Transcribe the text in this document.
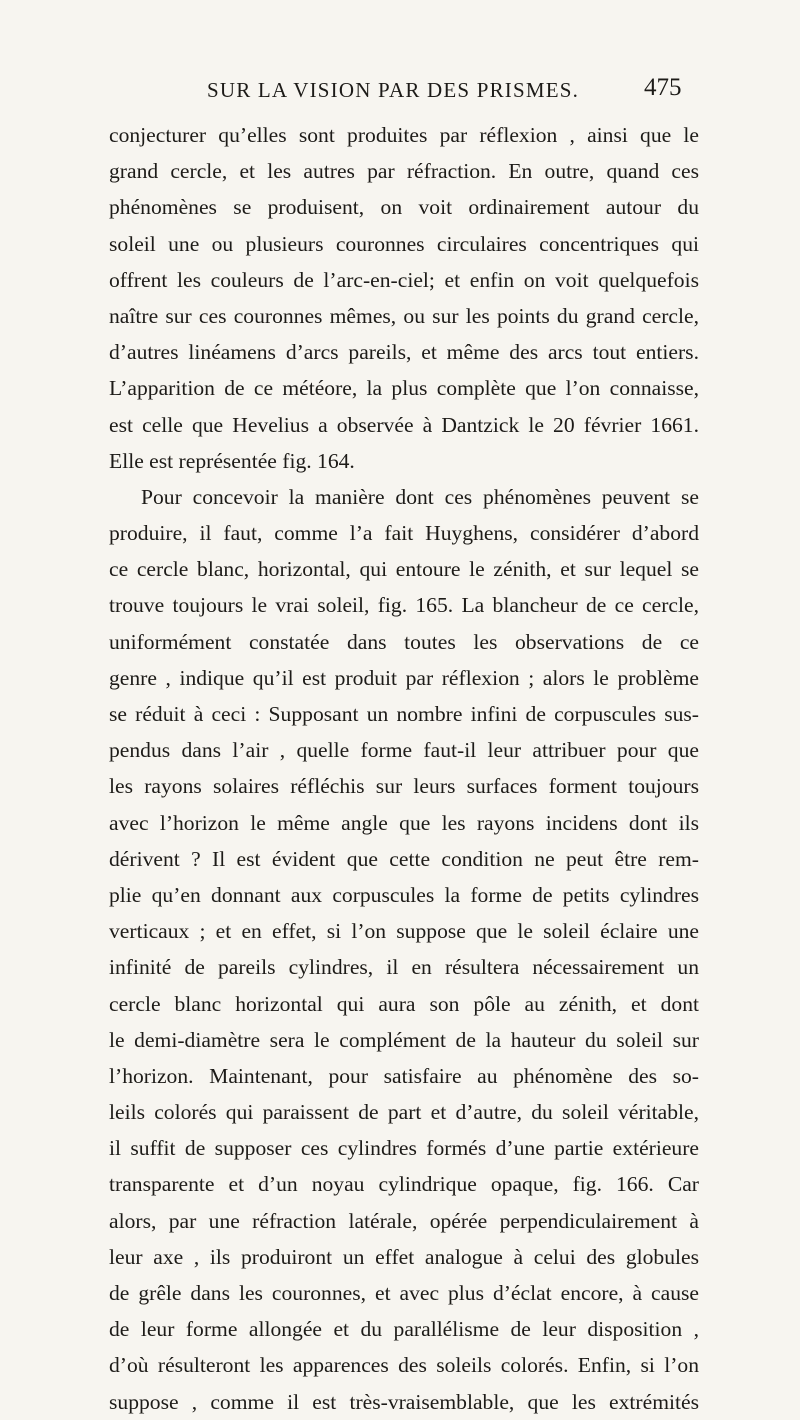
SUR LA VISION PAR DES PRISMES.	475
conjecturer qu’elles sont produites par réflexion , ainsi que le
grand cercle, et les autres par réfraction. En outre, quand ces
phénomènes se produisent, on voit ordinairement autour du
soleil une ou plusieurs couronnes circulaires concentriques qui
offrent les couleurs de l’arc-en-ciel; et enfin on voit quelquefois
naître sur ces couronnes mêmes, ou sur les points du grand cercle,
d’autres linéamens d’arcs pareils, et même des arcs tout entiers.
L’apparition de ce météore, la plus complète que l’on connaisse,
est celle que Hevelius a observée à Dantzick le 20 février 1661.
Elle est représentée fig. 164.
Pour concevoir la manière dont ces phénomènes peuvent se
produire, il faut, comme l’a fait Huyghens, considérer d’abord
ce cercle blanc, horizontal, qui entoure le zénith, et sur lequel se
trouve toujours le vrai soleil, fig. 165. La blancheur de ce cercle,
uniformément constatée dans toutes les observations de ce
genre , indique qu’il est produit par réflexion ; alors le problème
se réduit à ceci : Supposant un nombre infini de corpuscules sus-
pendus dans l’air , quelle forme faut-il leur attribuer pour que
les rayons solaires réfléchis sur leurs surfaces forment toujours
avec l’horizon le même angle que les rayons incidens dont ils
dérivent ? Il est évident que cette condition ne peut être rem-
plie qu’en donnant aux corpuscules la forme de petits cylindres
verticaux ; et en effet, si l’on suppose que le soleil éclaire une
infinité de pareils cylindres, il en résultera nécessairement un
cercle blanc horizontal qui aura son pôle au zénith, et dont
le demi-diamètre sera le complément de la hauteur du soleil sur
l’horizon. Maintenant, pour satisfaire au phénomène des so-
leils colorés qui paraissent de part et d’autre, du soleil véritable,
il suffit de supposer ces cylindres formés d’une partie extérieure
transparente et d’un noyau cylindrique opaque, fig. 166. Car
alors, par une réfraction latérale, opérée perpendiculairement à
leur axe , ils produiront un effet analogue à celui des globules
de grêle dans les couronnes, et avec plus d’éclat encore, à cause
de leur forme allongée et du parallélisme de leur disposition ,
d’où résulteront les apparences des soleils colorés. Enfin, si l’on
suppose , comme il est très-vraisemblable, que les extrémités
